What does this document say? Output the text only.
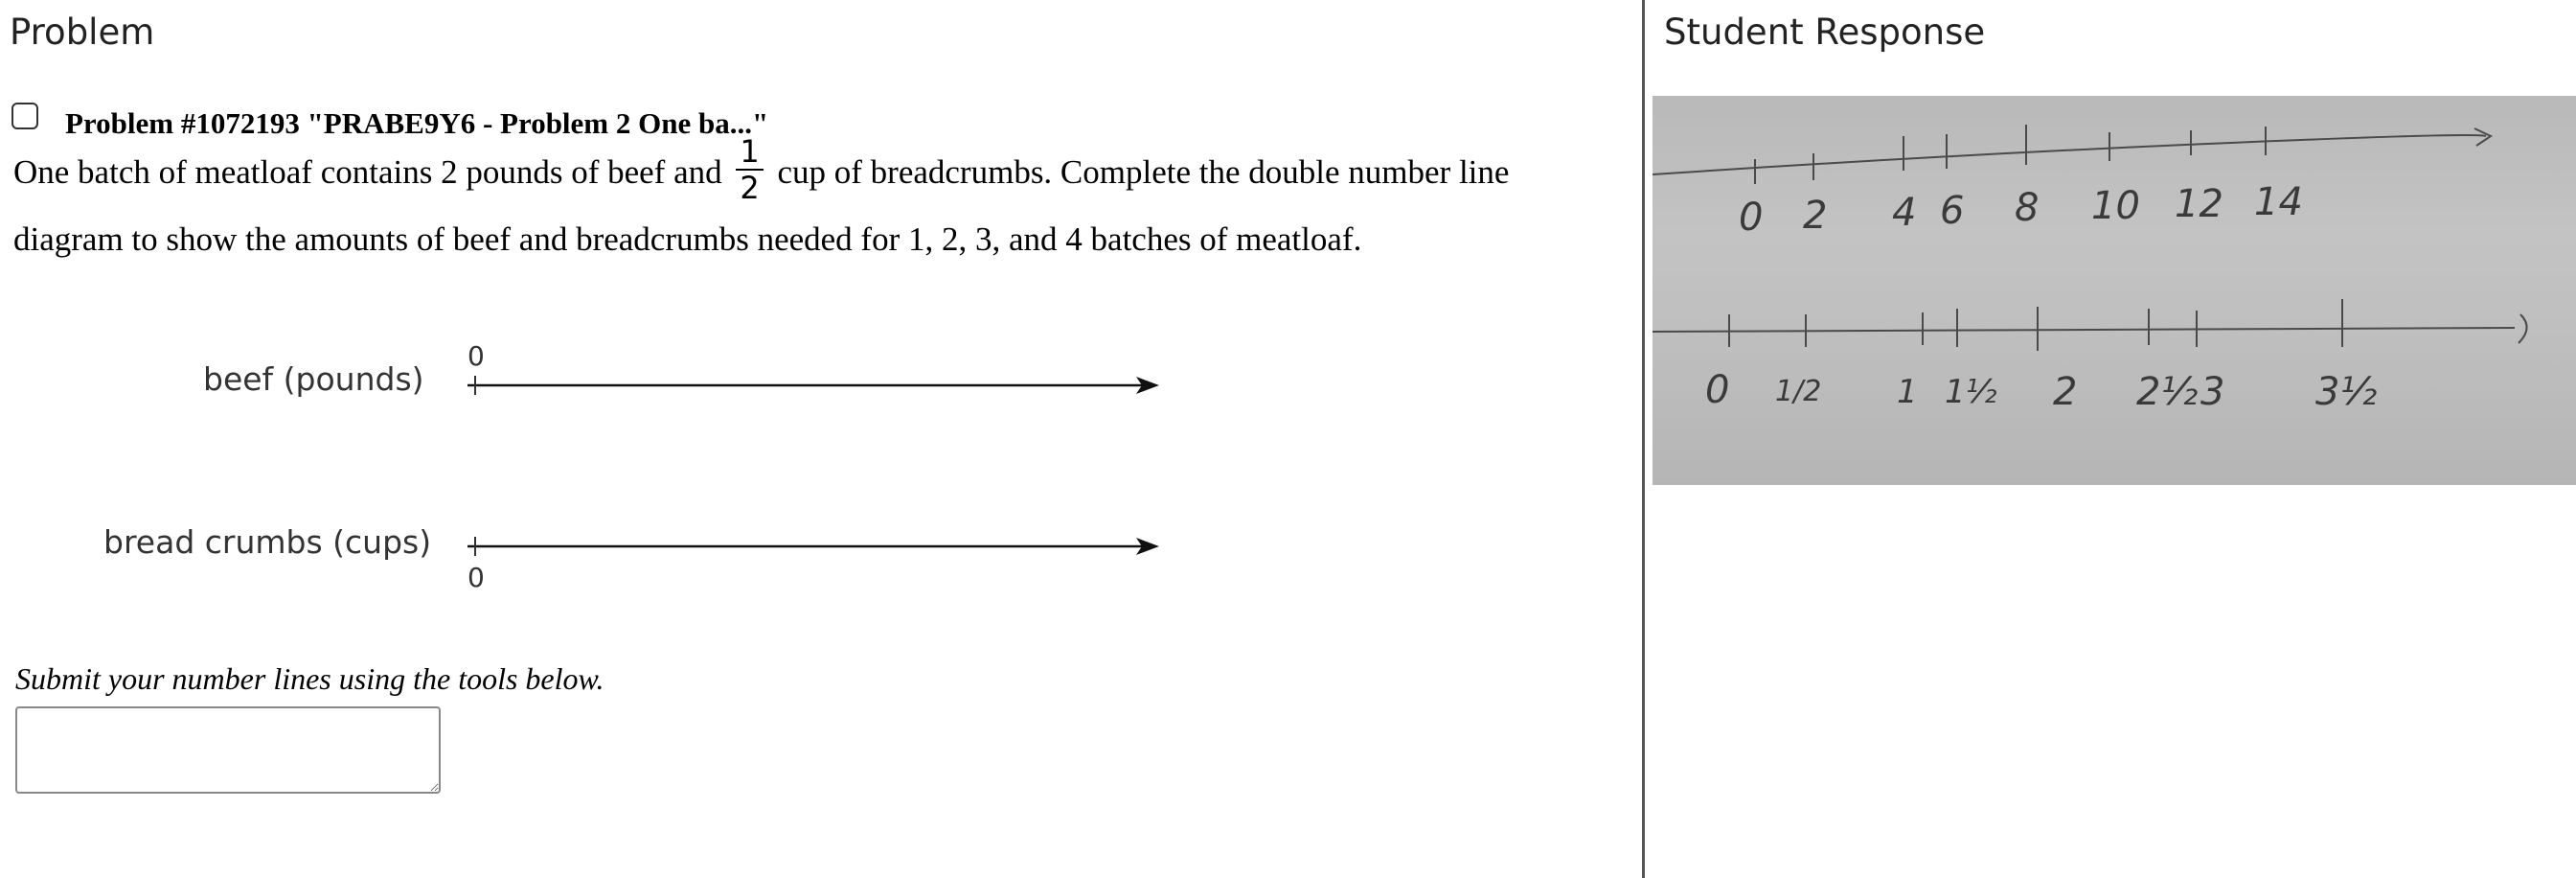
Problem
Problem #1072193 "PRABE9Y6 - Problem 2 One ba..."
One batch of meatloaf contains 2 pounds of beef and $\frac{1}{2}$ cup of breadcrumbs. Complete the double number line diagram to show the amounts of beef and breadcrumbs needed for 1, 2, 3, and 4 batches of meatloaf.
beef (pounds)
0
bread crumbs (cups)
0
Submit your number lines using the tools below.
Student Response
0 2 4 6 8 10 12 14
0 1/2 1 1½ 2 2½ 3 3½
